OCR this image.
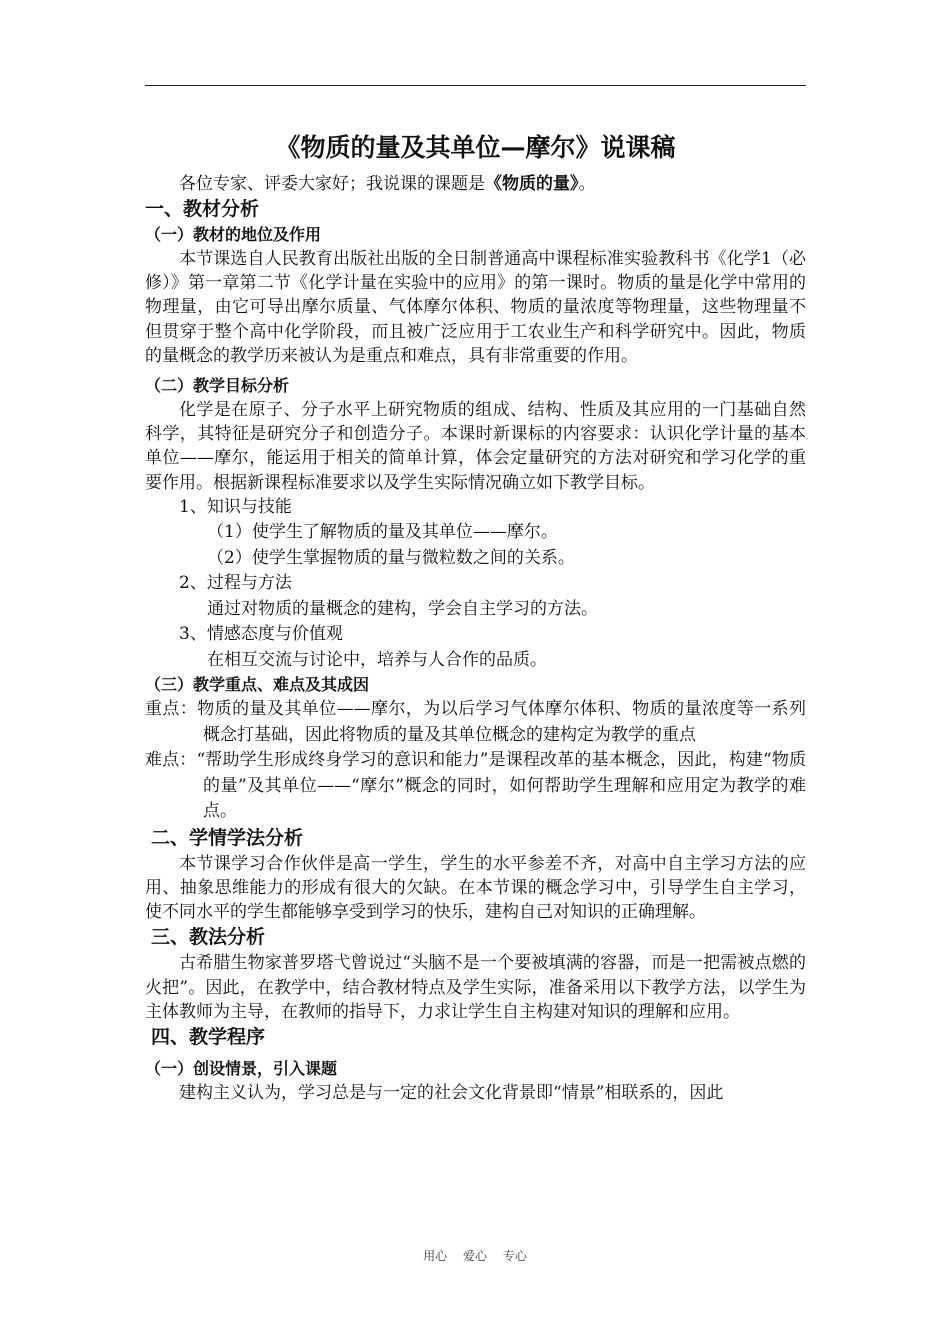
《物质的量及其单位—摩尔》说课稿

各位专家、评委大家好；我说课的课题是《物质的量》。

一、教材分析
（一）教材的地位及作用

本节课选自人民教育出版社出版的全日制普通高中课程标准实验教科书《化学1（必修）》第一章第二节《化学计量在实验中的应用》的第一课时。物质的量是化学中常用的物理量，由它可导出摩尔质量、气体摩尔体积、物质的量浓度等物理量，这些物理量不但贯穿于整个高中化学阶段，而且被广泛应用于工农业生产和科学研究中。因此，物质的量概念的教学历来被认为是重点和难点，具有非常重要的作用。

（二）教学目标分析

化学是在原子、分子水平上研究物质的组成、结构、性质及其应用的一门基础自然科学，其特征是研究分子和创造分子。本课时新课标的内容要求：认识化学计量的基本单位——摩尔，能运用于相关的简单计算，体会定量研究的方法对研究和学习化学的重要作用。根据新课程标准要求以及学生实际情况确立如下教学目标。

1、知识与技能
（1）使学生了解物质的量及其单位——摩尔。
（2）使学生掌握物质的量与微粒数之间的关系。
2、过程与方法
通过对物质的量概念的建构，学会自主学习的方法。
3、情感态度与价值观
在相互交流与讨论中，培养与人合作的品质。
（三）教学重点、难点及其成因

重点：物质的量及其单位——摩尔，为以后学习气体摩尔体积、物质的量浓度等一系列概念打基础，因此将物质的量及其单位概念的建构定为教学的重点

难点：“帮助学生形成终身学习的意识和能力”是课程改革的基本概念，因此，构建“物质的量”及其单位——“摩尔”概念的同时，如何帮助学生理解和应用定为教学的难点。

二、学情学法分析

本节课学习合作伙伴是高一学生，学生的水平参差不齐，对高中自主学习方法的应用、抽象思维能力的形成有很大的欠缺。在本节课的概念学习中，引导学生自主学习，使不同水平的学生都能够享受到学习的快乐，建构自己对知识的正确理解。

三、教法分析

古希腊生物家普罗塔弋曾说过“头脑不是一个要被填满的容器，而是一把需被点燃的火把”。因此，在教学中，结合教材特点及学生实际，准备采用以下教学方法，以学生为主体教师为主导，在教师的指导下，力求让学生自主构建对知识的理解和应用。

四、教学程序
（一）创设情景，引入课题

建构主义认为，学习总是与一定的社会文化背景即“情景”相联系的，因此

用心 爱心 专心
